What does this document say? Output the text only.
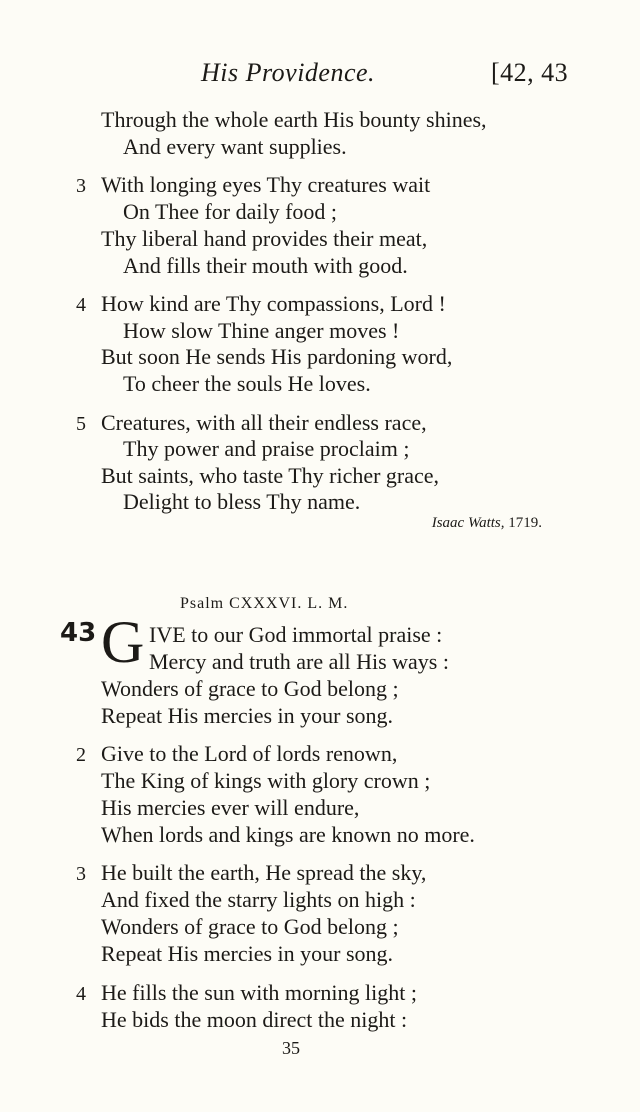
His Providence.	[42, 43
Through the whole earth His bounty shines,
And every want supplies.
3 With longing eyes Thy creatures wait
On Thee for daily food ;
Thy liberal hand provides their meat,
And fills their mouth with good.
4 How kind are Thy compassions, Lord !
How slow Thine anger moves !
But soon He sends His pardoning word,
To cheer the souls He loves.
5 Creatures, with all their endless race,
Thy power and praise proclaim ;
But saints, who taste Thy richer grace,
Delight to bless Thy name.
Isaac Watts, 1719.
Psalm CXXXVI. L. M.
43 G IVE to our God immortal praise :
Mercy and truth are all His ways :
Wonders of grace to God belong ;
Repeat His mercies in your song.
2 Give to the Lord of lords renown,
The King of kings with glory crown ;
His mercies ever will endure,
When lords and kings are known no more.
3 He built the earth, He spread the sky,
And fixed the starry lights on high :
Wonders of grace to God belong ;
Repeat His mercies in your song.
4 He fills the sun with morning light ;
He bids the moon direct the night :
35
